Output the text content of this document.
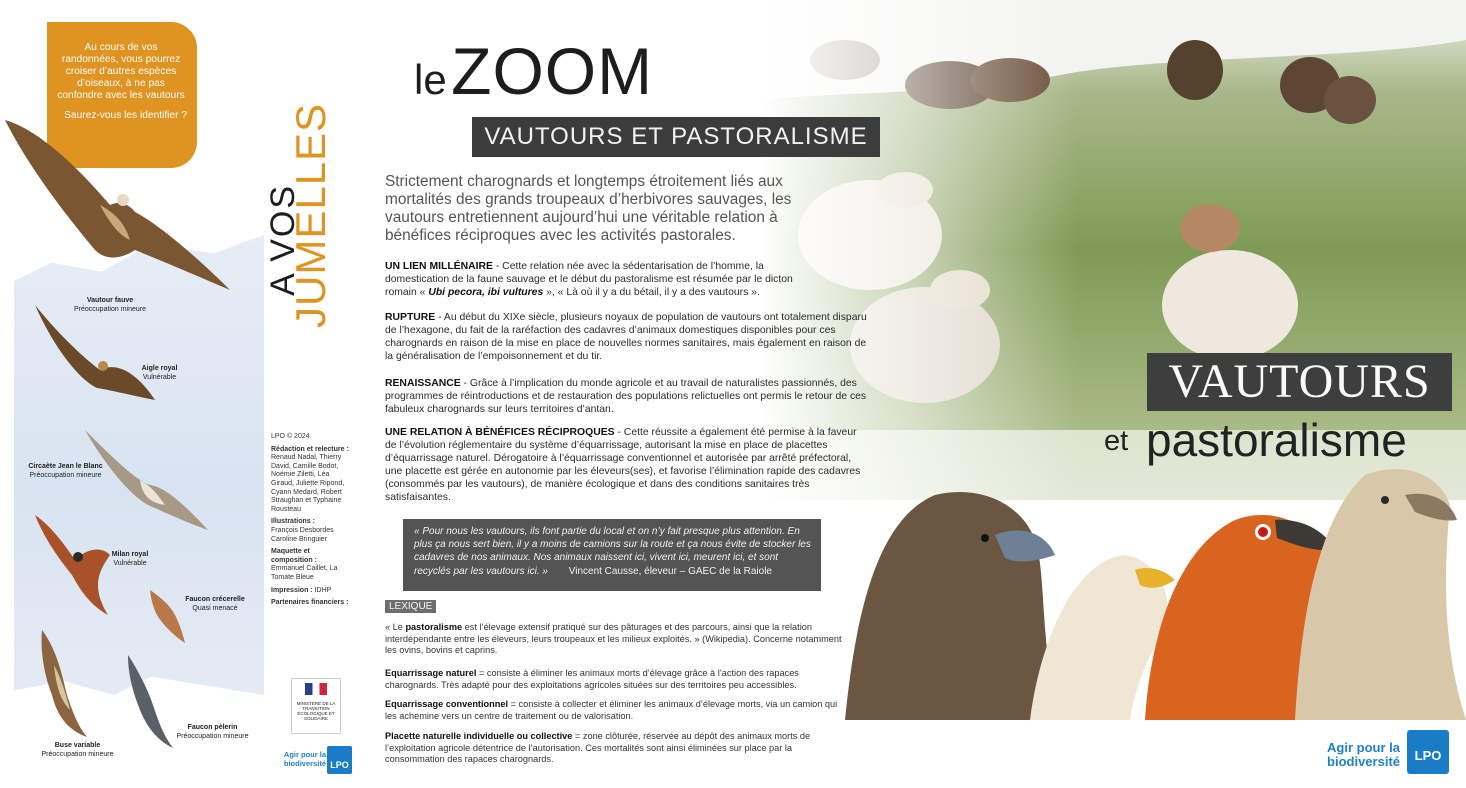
Au cours de vos randonnées, vous pourrez croiser d’autres espèces d’oiseaux, à ne pas confondre avec les vautours
Saurez-vous les identifier ?
Vautour fauve
Préoccupation mineure
Aigle royal
Vulnérable
Circaète Jean le Blanc
Préoccupation mineure
Milan royal
Vulnérable
Faucon crécerelle
Quasi menacé
Faucon pèlerin
Préoccupation mineure
Buse variable
Préoccupation mineure
A VOS
JUMELLES
LPO © 2024
Rédaction et relecture :
Renaud Nadal, Thierry David, Camille Bodot, Noémie Ziletti, Léa Giraud, Juliette Ripond, Cyann Medard, Robert Straughan et Typhaine Rousteau
Illustrations :
François Desbordes Caroline Bringuier
Maquette et composition :
Emmanuel Caillet, La Tomate Bleue
Impression : IDHP
Partenaires financiers :
MINISTÈRE DE LA TRANSITION ÉCOLOGIQUE ET SOLIDAIRE
Agir pour la biodiversité LPO
VAUTOURS
et pastoralisme
le ZOOM
VAUTOURS ET PASTORALISME
Strictement charognards et longtemps étroitement liés aux mortalités des grands troupeaux d’herbivores sauvages, les vautours entretiennent aujourd’hui une véritable relation à bénéfices réciproques avec les activités pastorales.
UN LIEN MILLÉNAIRE - Cette relation née avec la sédentarisation de l’homme, la domestication de la faune sauvage et le début du pastoralisme est résumée par le dicton romain « Ubi pecora, ibi vultures », « Là où il y a du bétail, il y a des vautours ».
RUPTURE - Au début du XIXe siècle, plusieurs noyaux de population de vautours ont totalement disparu de l’hexagone, du fait de la raréfaction des cadavres d’animaux domestiques disponibles pour ces charognards en raison de la mise en place de nouvelles normes sanitaires, mais également en raison de la généralisation de l’empoisonnement et du tir.
RENAISSANCE - Grâce à l’implication du monde agricole et au travail de naturalistes passionnés, des programmes de réintroductions et de restauration des populations relictuelles ont permis le retour de ces fabuleux charognards sur leurs territoires d’antan.
UNE RELATION À BÉNÉFICES RÉCIPROQUES - Cette réussite a également été permise à la faveur de l’évolution réglementaire du système d’équarrissage, autorisant la mise en place de placettes d’équarrissage naturel. Dérogatoire à l’équarrissage conventionnel et autorisée par arrêté préfectoral, une placette est gérée en autonomie par les éleveurs(ses), et favorise l’élimination rapide des cadavres (consommés par les vautours), de manière écologique et dans des conditions sanitaires très satisfaisantes.
« Pour nous les vautours, ils font partie du local et on n’y fait presque plus attention. En plus ça nous sert bien, il y a moins de camions sur la route et ça nous évite de stocker les cadavres de nos animaux. Nos animaux naissent ici, vivent ici, meurent ici, et sont recyclés par les vautours ici. » Vincent Causse, éleveur – GAEC de la Raiole
LEXIQUE
« Le pastoralisme est l’élevage extensif pratiqué sur des pâturages et des parcours, ainsi que la relation interdépendante entre les éleveurs, leurs troupeaux et les milieux exploités. » (Wikipedia). Concerne notamment les ovins, bovins et caprins.
Equarrissage naturel = consiste à éliminer les animaux morts d’élevage grâce à l’action des rapaces charognards. Très adapté pour des exploitations agricoles situées sur des territoires peu accessibles.
Equarrissage conventionnel = consiste à collecter et éliminer les animaux d’élevage morts, via un camion qui les achemine vers un centre de traitement ou de valorisation.
Placette naturelle individuelle ou collective = zone clôturée, réservée au dépôt des animaux morts de l’exploitation agricole détentrice de l’autorisation. Ces mortalités sont ainsi éliminées sur place par la consommation des rapaces charognards.
Agir pour la biodiversité	LPO
